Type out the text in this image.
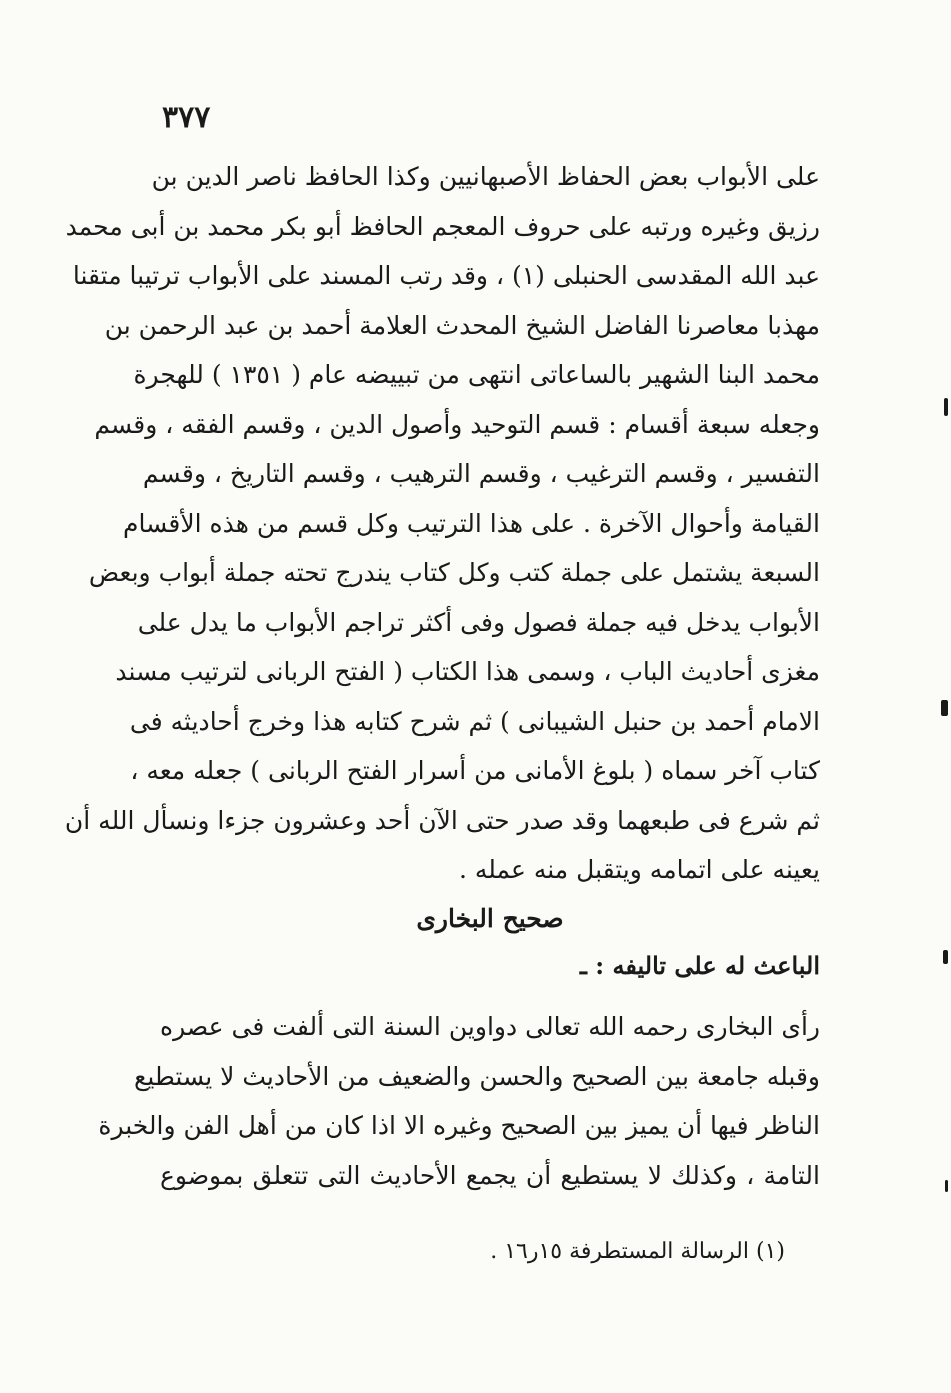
٣٧٧
على الأبواب بعض الحفاظ الأصبهانيين وكذا الحافظ ناصر الدين بن
رزيق وغيره ورتبه على حروف المعجم الحافظ أبو بكر محمد بن أبى محمد
عبد الله المقدسى الحنبلى (١) ، وقد رتب المسند على الأبواب ترتيبا متقنا
مهذبا معاصرنا الفاضل الشيخ المحدث العلامة أحمد بن عبد الرحمن بن
محمد البنا الشهير بالساعاتى انتهى من تبييضه عام ( ١٣٥١ ) للهجرة
وجعله سبعة أقسام : قسم التوحيد وأصول الدين ، وقسم الفقه ، وقسم
التفسير ، وقسم الترغيب ، وقسم الترهيب ، وقسم التاريخ ، وقسم
القيامة وأحوال الآخرة . على هذا الترتيب وكل قسم من هذه الأقسام
السبعة يشتمل على جملة كتب وكل كتاب يندرج تحته جملة أبواب وبعض
الأبواب يدخل فيه جملة فصول وفى أكثر تراجم الأبواب ما يدل على
مغزى أحاديث الباب ، وسمى هذا الكتاب ( الفتح الربانى لترتيب مسند
الامام أحمد بن حنبل الشيبانى ) ثم شرح كتابه هذا وخرج أحاديثه فى
كتاب آخر سماه ( بلوغ الأمانى من أسرار الفتح الربانى ) جعله معه ،
ثم شرع فى طبعهما وقد صدر حتى الآن أحد وعشرون جزءا ونسأل الله أن
يعينه على اتمامه ويتقبل منه عمله .
صحيح البخارى
الباعث له على تاليفه : ـ
رأى البخارى رحمه الله تعالى دواوين السنة التى ألفت فى عصره
وقبله جامعة بين الصحيح والحسن والضعيف من الأحاديث لا يستطيع
الناظر فيها أن يميز بين الصحيح وغيره الا اذا كان من أهل الفن والخبرة
التامة ، وكذلك لا يستطيع أن يجمع الأحاديث التى تتعلق بموضوع
(١) الرسالة المستطرفة ١٥ر١٦ .
